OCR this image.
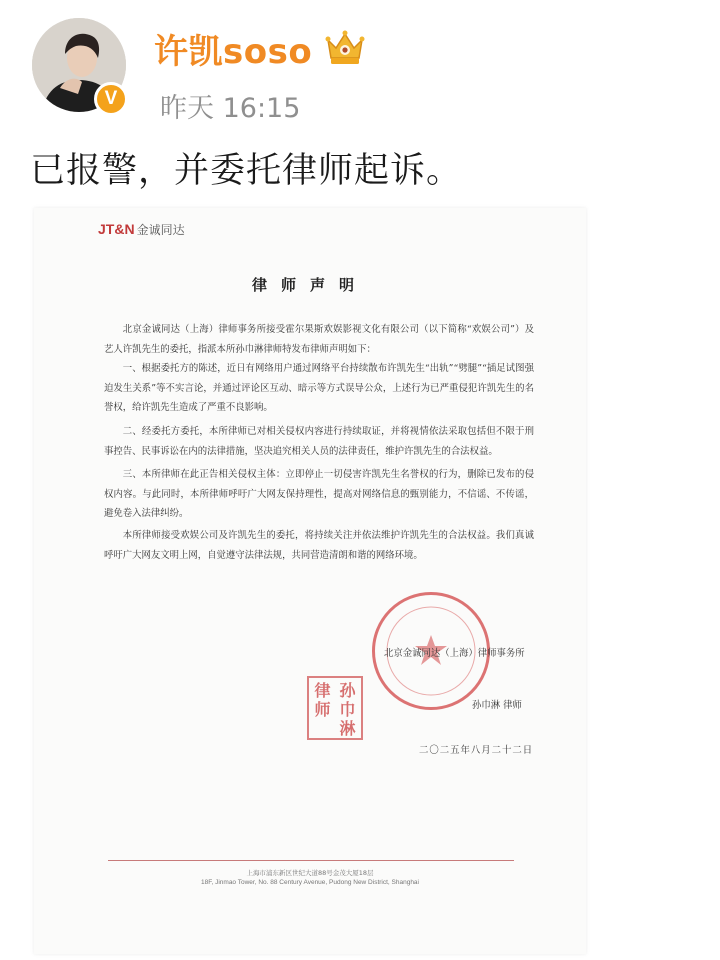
V
许凯soso
昨天 16:15
已报警，并委托律师起诉。
JT&N 金诚同达
律师声明
北京金诚同达（上海）律师事务所接受霍尔果斯欢娱影视文化有限公司（以下简称“欢娱公司”）及艺人许凯先生的委托，指派本所孙巾淋律师特发布律师声明如下：
一、根据委托方的陈述，近日有网络用户通过网络平台持续散布许凯先生“出轨”“劈腿”“插足试图强迫发生关系”等不实言论，并通过评论区互动、暗示等方式误导公众，上述行为已严重侵犯许凯先生的名誉权，给许凯先生造成了严重不良影响。
二、经委托方委托，本所律师已对相关侵权内容进行持续取证，并将视情依法采取包括但不限于刑事控告、民事诉讼在内的法律措施，坚决追究相关人员的法律责任，维护许凯先生的合法权益。
三、本所律师在此正告相关侵权主体：立即停止一切侵害许凯先生名誉权的行为，删除已发布的侵权内容。与此同时，本所律师呼吁广大网友保持理性，提高对网络信息的甄别能力，不信谣、不传谣，避免卷入法律纠纷。
本所律师接受欢娱公司及许凯先生的委托，将持续关注并依法维护许凯先生的合法权益。我们真诚呼吁广大网友文明上网，自觉遵守法律法规，共同营造清朗和谐的网络环境。
北京金诚同达（上海）律师事务所
孙巾淋 律师
律 孙
师 巾
淋
二〇二五年八月二十二日
上海市浦东新区世纪大道88号金茂大厦18层
18F, Jinmao Tower, No. 88 Century Avenue, Pudong New District, Shanghai
